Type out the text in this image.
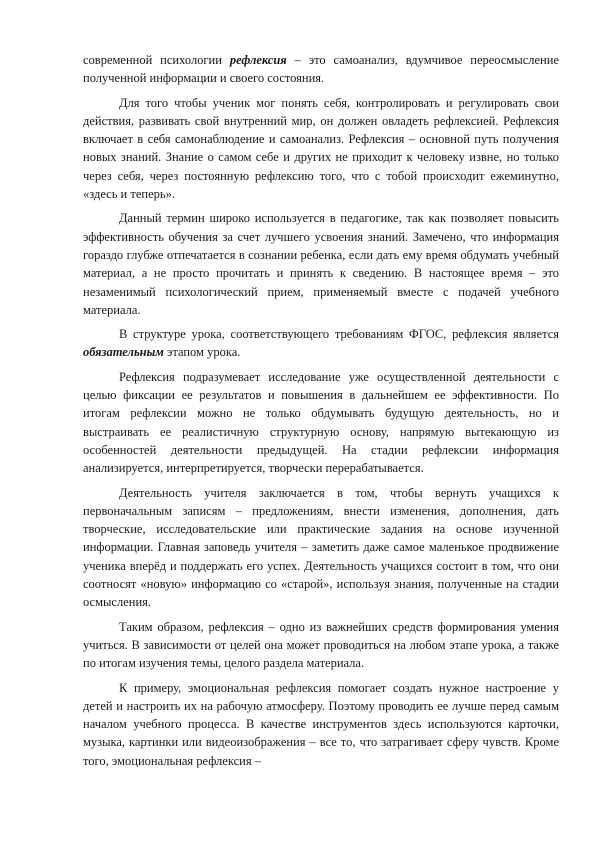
современной психологии рефлексия – это самоанализ, вдумчивое переосмысление полученной информации и своего состояния.

Для того чтобы ученик мог понять себя, контролировать и регулировать свои действия, развивать свой внутренний мир, он должен овладеть рефлексией. Рефлексия включает в себя самонаблюдение и самоанализ. Рефлексия – основной путь получения новых знаний. Знание о самом себе и других не приходит к человеку извне, но только через себя, через постоянную рефлексию того, что с тобой происходит ежеминутно, «здесь и теперь».

Данный термин широко используется в педагогике, так как позволяет повысить эффективность обучения за счет лучшего усвоения знаний. Замечено, что информация гораздо глубже отпечатается в сознании ребенка, если дать ему время обдумать учебный материал, а не просто прочитать и принять к сведению. В настоящее время – это незаменимый психологический прием, применяемый вместе с подачей учебного материала.

В структуре урока, соответствующего требованиям ФГОС, рефлексия является обязательным этапом урока.

Рефлексия подразумевает исследование уже осуществленной деятельности с целью фиксации ее результатов и повышения в дальнейшем ее эффективности. По итогам рефлексии можно не только обдумывать будущую деятельность, но и выстраивать ее реалистичную структурную основу, напрямую вытекающую из особенностей деятельности предыдущей. На стадии рефлексии информация анализируется, интерпретируется, творчески перерабатывается.

Деятельность учителя заключается в том, чтобы вернуть учащихся к первоначальным записям – предложениям, внести изменения, дополнения, дать творческие, исследовательские или практические задания на основе изученной информации. Главная заповедь учителя – заметить даже самое маленькое продвижение ученика вперёд и поддержать его успех. Деятельность учащихся состоит в том, что они соотносят «новую» информацию со «старой», используя знания, полученные на стадии осмысления.

Таким образом, рефлексия – одно из важнейших средств формирования умения учиться. В зависимости от целей она может проводиться на любом этапе урока, а также по итогам изучения темы, целого раздела материала.

К примеру, эмоциональная рефлексия помогает создать нужное настроение у детей и настроить их на рабочую атмосферу. Поэтому проводить ее лучше перед самым началом учебного процесса. В качестве инструментов здесь используются карточки, музыка, картинки или видеоизображения – все то, что затрагивает сферу чувств. Кроме того, эмоциональная рефлексия –
